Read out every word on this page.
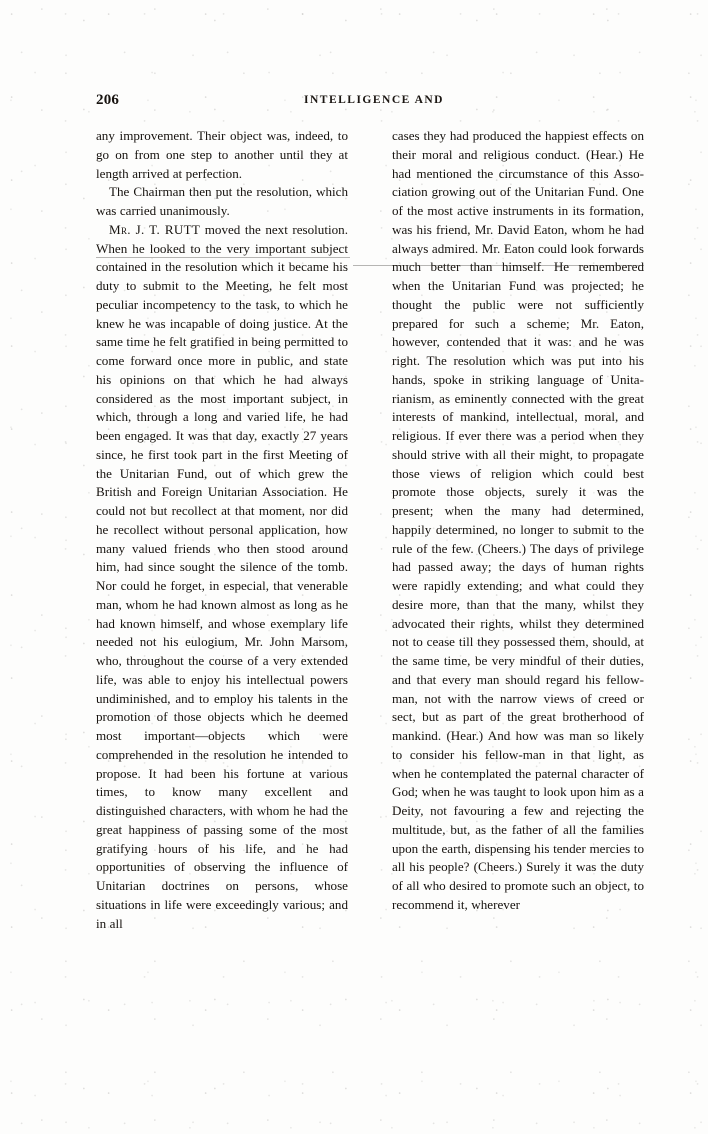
206	INTELLIGENCE AND

any improvement. Their object was, indeed, to go on from one step to another until they at length arrived at perfection.

The Chairman then put the resolution, which was carried unanimously.

Mr. J. T. RUTT moved the next resolution. When he looked to the very important subject contained in the resolution which it became his duty to submit to the Meeting, he felt most peculiar incompetency to the task, to which he knew he was incapable of doing justice. At the same time he felt gratified in being permitted to come forward once more in public, and state his opinions on that which he had always considered as the most important subject, in which, through a long and varied life, he had been engaged. It was that day, exactly 27 years since, he first took part in the first Meeting of the Unitarian Fund, out of which grew the British and Foreign Unitarian Association. He could not but recollect at that moment, nor did he recollect without personal application, how many valued friends who then stood around him, had since sought the silence of the tomb. Nor could he forget, in especial, that venerable man, whom he had known almost as long as he had known himself, and whose exemplary life needed not his eulogium, Mr. John Marsom, who, throughout the course of a very extended life, was able to enjoy his intellectual powers undiminished, and to employ his talents in the promotion of those objects which he deemed most important—objects which were comprehended in the resolution he intended to propose. It had been his fortune at various times, to know many excellent and distinguished characters, with whom he had the great happiness of passing some of the most gratifying hours of his life, and he had opportunities of observing the influence of Unitarian doctrines on persons, whose situations in life were exceedingly various; and in all

cases they had produced the happiest effects on their moral and religious conduct. (Hear.) He had mentioned the circumstance of this Association growing out of the Unitarian Fund. One of the most active instruments in its formation, was his friend, Mr. David Eaton, whom he had always admired. Mr. Eaton could look forwards much better than himself. He remembered when the Unitarian Fund was projected; he thought the public were not sufficiently prepared for such a scheme; Mr. Eaton, however, contended that it was: and he was right. The resolution which was put into his hands, spoke in striking language of Unitarianism, as eminently connected with the great interests of mankind, intellectual, moral, and religious. If ever there was a period when they should strive with all their might, to propagate those views of religion which could best promote those objects, surely it was the present; when the many had determined, happily determined, no longer to submit to the rule of the few. (Cheers.) The days of privilege had passed away; the days of human rights were rapidly extending; and what could they desire more, than that the many, whilst they advocated their rights, whilst they determined not to cease till they possessed them, should, at the same time, be very mindful of their duties, and that every man should regard his fellow-man, not with the narrow views of creed or sect, but as part of the great brotherhood of mankind. (Hear.) And how was man so likely to consider his fellow-man in that light, as when he contemplated the paternal character of God; when he was taught to look upon him as a Deity, not favouring a few and rejecting the multitude, but, as the father of all the families upon the earth, dispensing his tender mercies to all his people? (Cheers.) Surely it was the duty of all who desired to promote such an object, to recommend it, wherever
